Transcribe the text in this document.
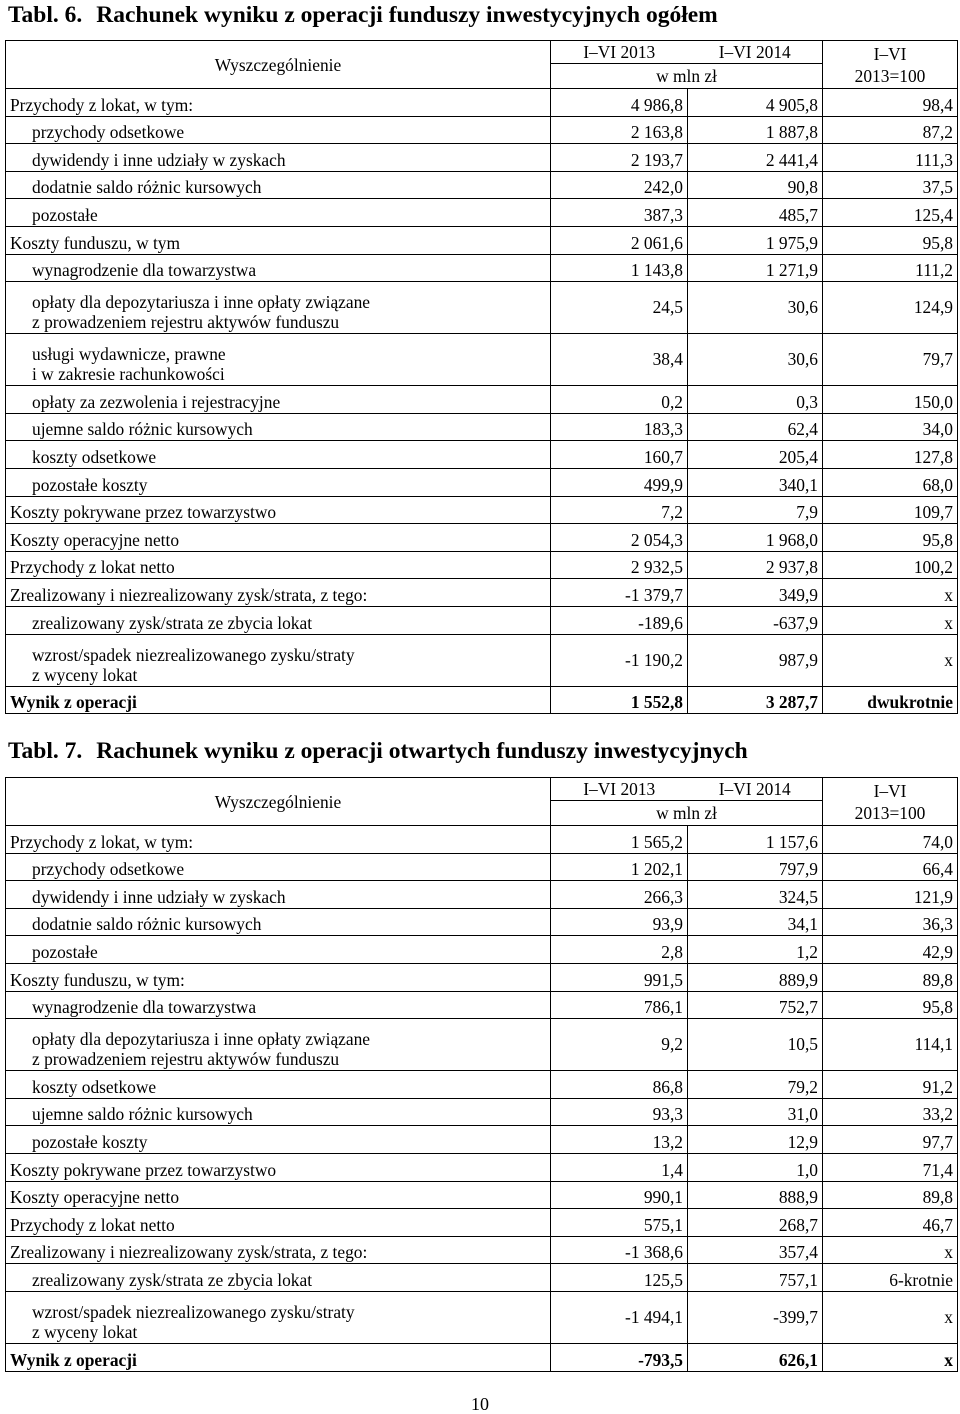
Tabl. 6. Rachunek wyniku z operacji funduszy inwestycyjnych ogółem
Wyszczególnienie	I–VI 2013	I–VI 2014	I–VI
2013=100
	w mln zł		
Przychody z lokat, w tym:	4 986,8	4 905,8	98,4
przychody odsetkowe	2 163,8	1 887,8	87,2
dywidendy i inne udziały w zyskach	2 193,7	2 441,4	111,3
dodatnie saldo różnic kursowych	242,0	90,8	37,5
pozostałe	387,3	485,7	125,4
Koszty funduszu, w tym	2 061,6	1 975,9	95,8
wynagrodzenie dla towarzystwa	1 143,8	1 271,9	111,2
opłaty dla depozytariusza i inne opłaty związane
z prowadzeniem rejestru aktywów funduszu	24,5	30,6	124,9
usługi wydawnicze, prawne
i w zakresie rachunkowości	38,4	30,6	79,7
opłaty za zezwolenia i rejestracyjne	0,2	0,3	150,0
ujemne saldo różnic kursowych	183,3	62,4	34,0
koszty odsetkowe	160,7	205,4	127,8
pozostałe koszty	499,9	340,1	68,0
Koszty pokrywane przez towarzystwo	7,2	7,9	109,7
Koszty operacyjne netto	2 054,3	1 968,0	95,8
Przychody z lokat netto	2 932,5	2 937,8	100,2
Zrealizowany i niezrealizowany zysk/strata, z tego:	-1 379,7	349,9	x
zrealizowany zysk/strata ze zbycia lokat	-189,6	-637,9	x
wzrost/spadek niezrealizowanego zysku/straty
z wyceny lokat	-1 190,2	987,9	x
Wynik z operacji	1 552,8	3 287,7	dwukrotnie
Tabl. 7. Rachunek wyniku z operacji otwartych funduszy inwestycyjnych
Wyszczególnienie	I–VI 2013	I–VI 2014	I–VI
2013=100
	w mln zł		
Przychody z lokat, w tym:	1 565,2	1 157,6	74,0
przychody odsetkowe	1 202,1	797,9	66,4
dywidendy i inne udziały w zyskach	266,3	324,5	121,9
dodatnie saldo różnic kursowych	93,9	34,1	36,3
pozostałe	2,8	1,2	42,9
Koszty funduszu, w tym:	991,5	889,9	89,8
wynagrodzenie dla towarzystwa	786,1	752,7	95,8
opłaty dla depozytariusza i inne opłaty związane
z prowadzeniem rejestru aktywów funduszu	9,2	10,5	114,1
koszty odsetkowe	86,8	79,2	91,2
ujemne saldo różnic kursowych	93,3	31,0	33,2
pozostałe koszty	13,2	12,9	97,7
Koszty pokrywane przez towarzystwo	1,4	1,0	71,4
Koszty operacyjne netto	990,1	888,9	89,8
Przychody z lokat netto	575,1	268,7	46,7
Zrealizowany i niezrealizowany zysk/strata, z tego:	-1 368,6	357,4	x
zrealizowany zysk/strata ze zbycia lokat	125,5	757,1	6-krotnie
wzrost/spadek niezrealizowanego zysku/straty
z wyceny lokat	-1 494,1	-399,7	x
Wynik z operacji	-793,5	626,1	x
10
